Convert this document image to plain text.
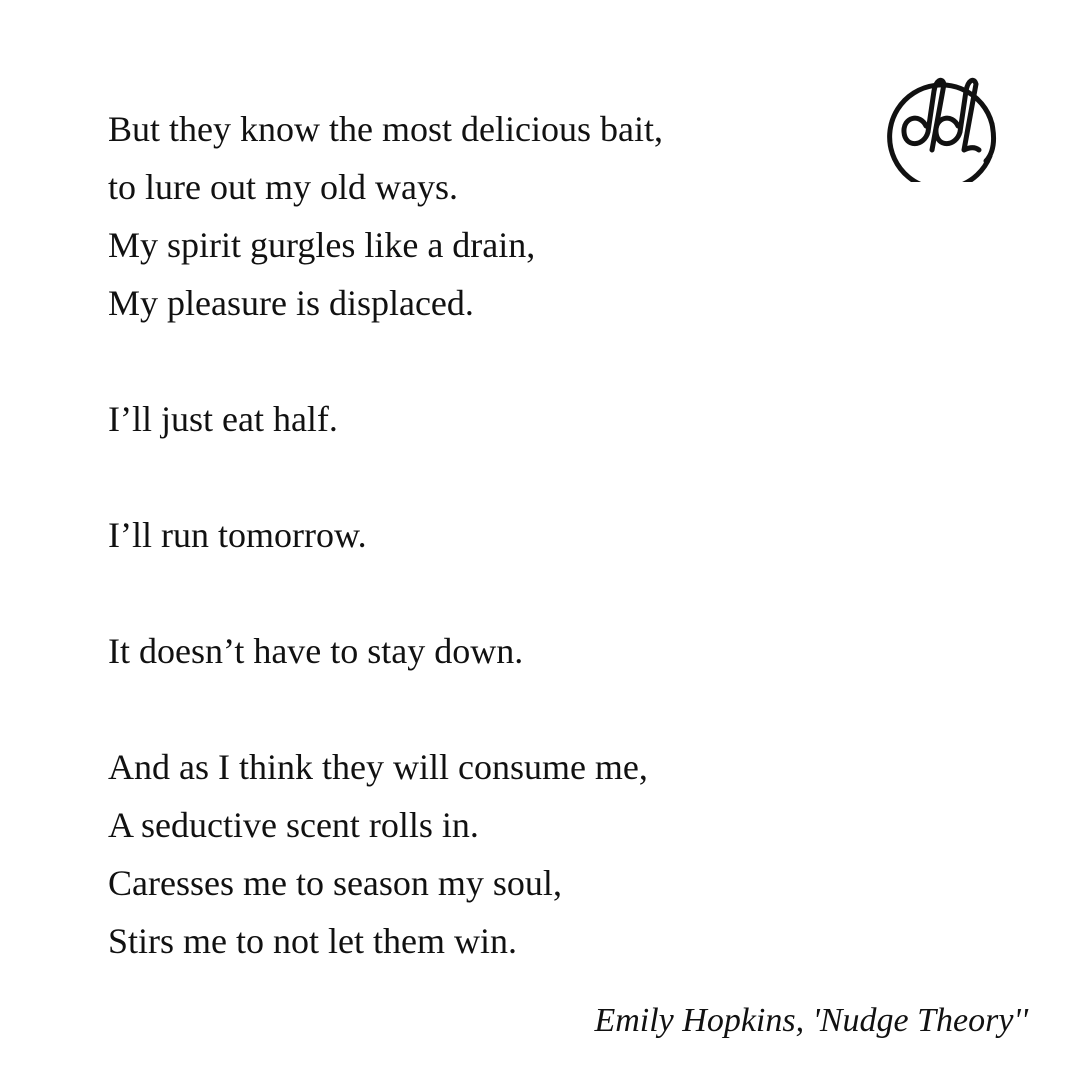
But they know the most delicious bait,
to lure out my old ways.
My spirit gurgles like a drain,
My pleasure is displaced.
I’ll just eat half.
I’ll run tomorrow.
It doesn’t have to stay down.
And as I think they will consume me,
A seductive scent rolls in.
Caresses me to season my soul,
Stirs me to not let them win.
Emily Hopkins, 'Nudge Theory''
